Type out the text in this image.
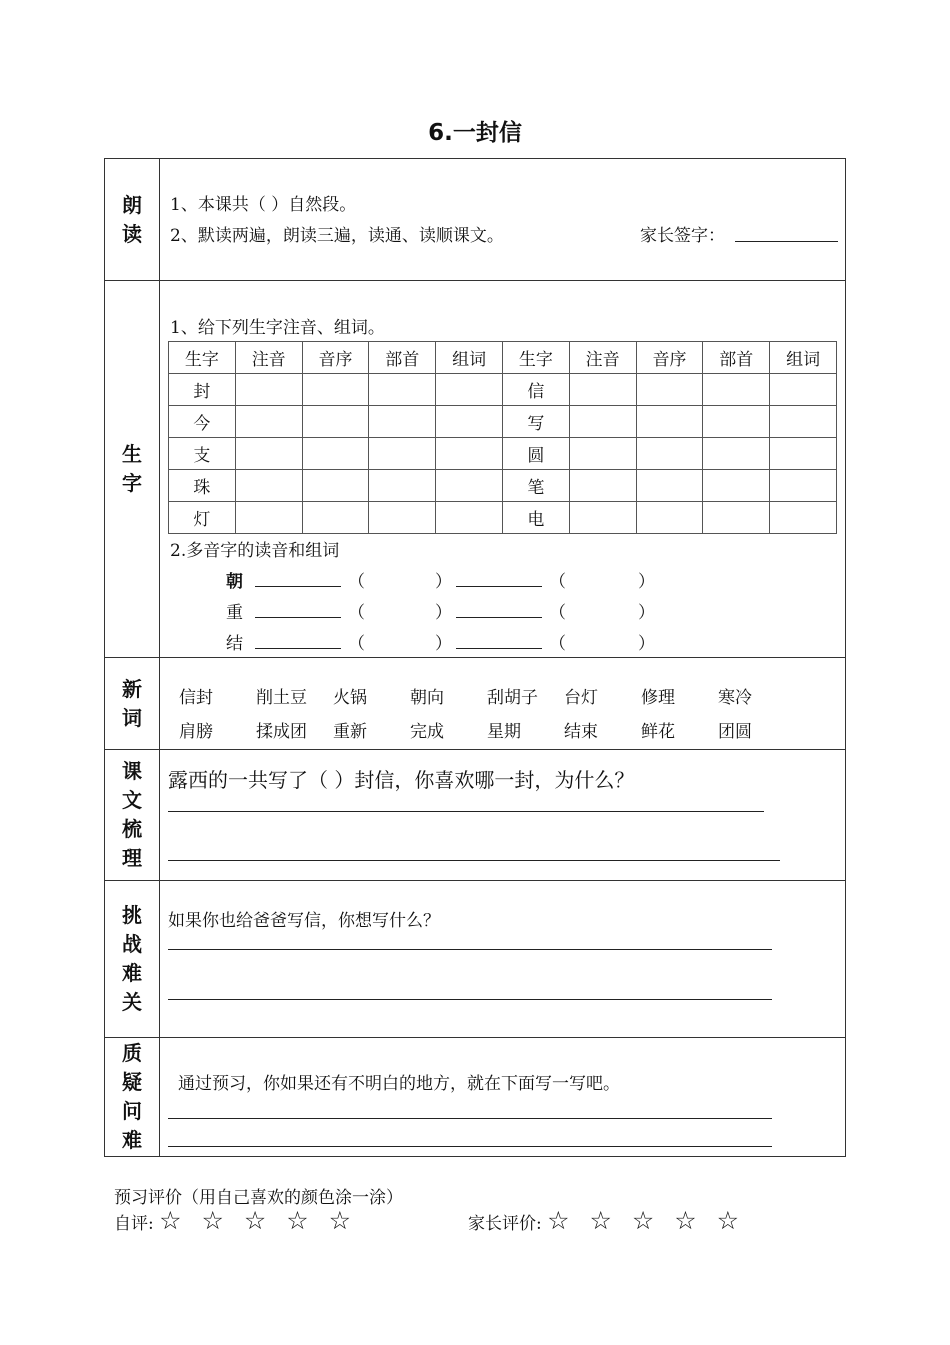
6.一封信
朗
读
1、本课共（ ）自然段。
2、默读两遍，朗读三遍，读通、读顺课文。	家长签字：
生
字
1、给下列生字注音、组词。
生字	注音	音序	部首	组词	生字	注音	音序	部首	组词
封					信				
今					写				
支					圆				
珠					笔				
灯					电				
2.多音字的读音和组词
朝	（	）	（	）
重	（	）	（	）
结	（	）	（	）
新
词
信封	削土豆	火锅	朝向	刮胡子	台灯	修理	寒冷
肩膀	揉成团	重新	完成	星期	结束	鲜花	团圆
课
文
梳
理
露西的一共写了（ ）封信，你喜欢哪一封，为什么？
挑
战
难
关
如果你也给爸爸写信，你想写什么？
质
疑
问
难
通过预习，你如果还有不明白的地方，就在下面写一写吧。
预习评价（用自己喜欢的颜色涂一涂）
自评: ☆ ☆ ☆ ☆ ☆	家长评价: ☆ ☆ ☆ ☆ ☆
